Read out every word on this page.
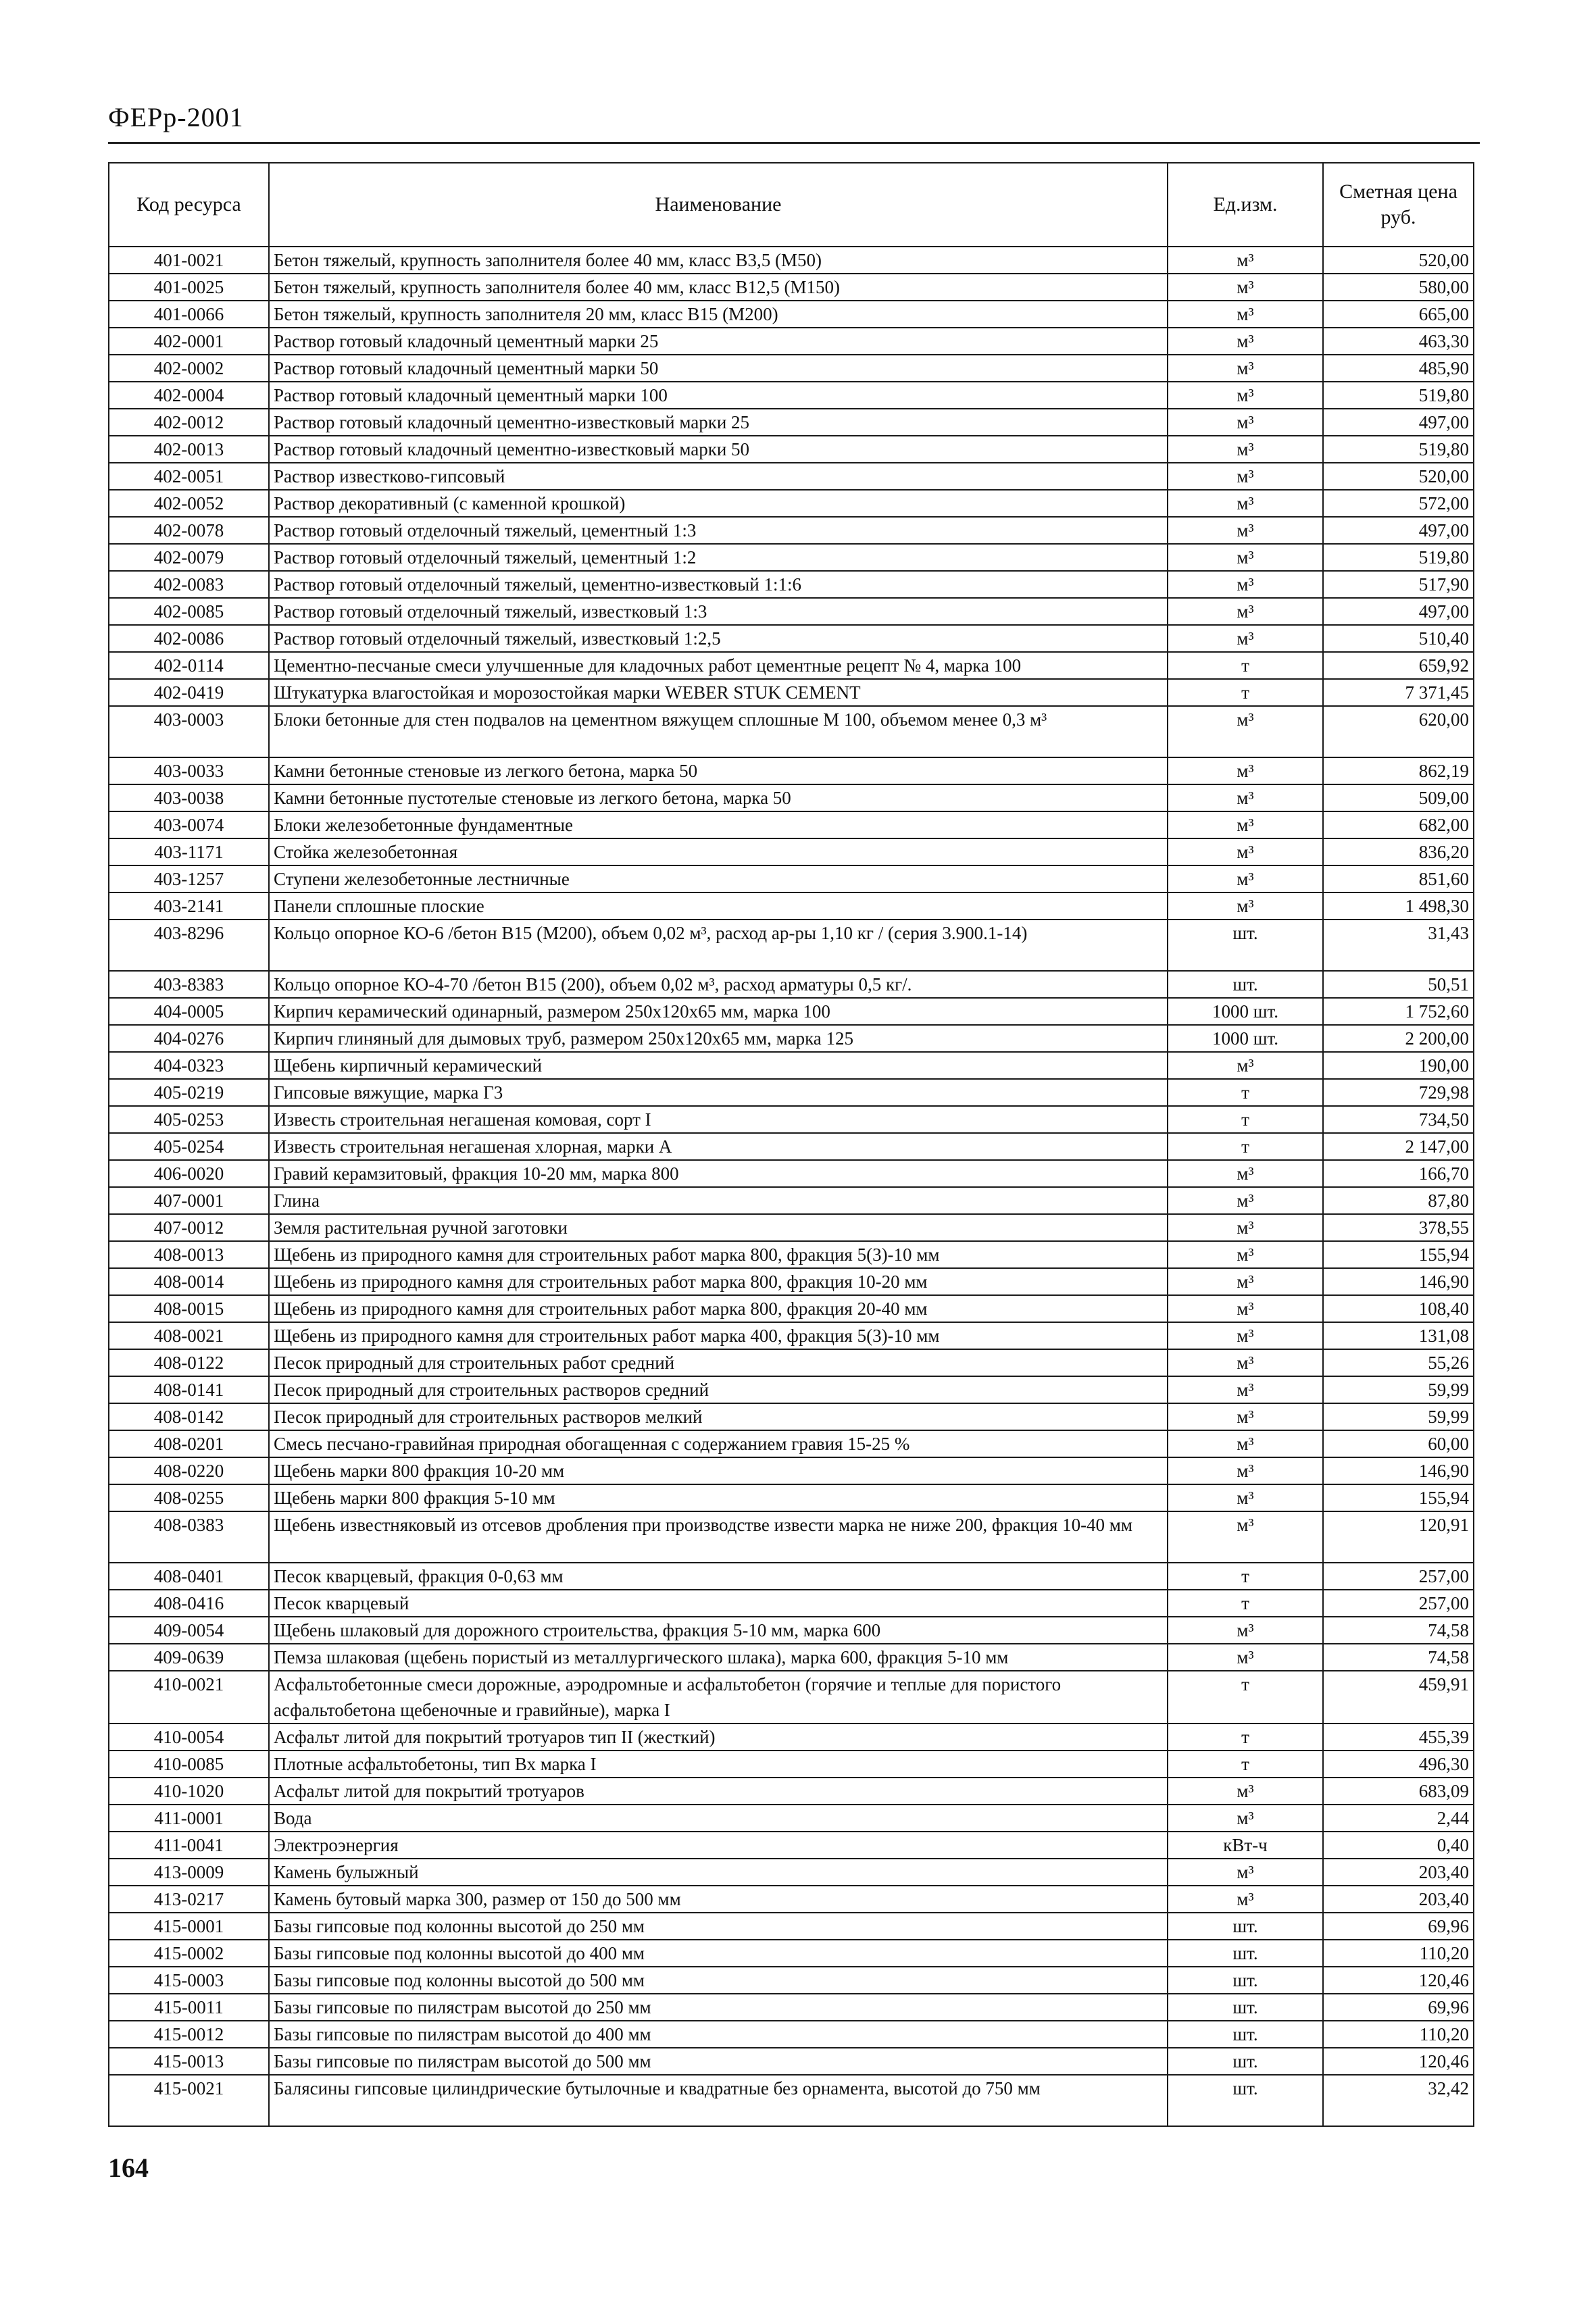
ФЕРр-2001
Код ресурса	Наименование	Ед.изм.	Сметная цена руб.
401-0021	Бетон тяжелый, крупность заполнителя более 40 мм, класс В3,5 (М50)	м³	520,00
401-0025	Бетон тяжелый, крупность заполнителя более 40 мм, класс В12,5 (М150)	м³	580,00
401-0066	Бетон тяжелый, крупность заполнителя 20 мм, класс В15 (М200)	м³	665,00
402-0001	Раствор готовый кладочный цементный марки 25	м³	463,30
402-0002	Раствор готовый кладочный цементный марки 50	м³	485,90
402-0004	Раствор готовый кладочный цементный марки 100	м³	519,80
402-0012	Раствор готовый кладочный цементно-известковый марки 25	м³	497,00
402-0013	Раствор готовый кладочный цементно-известковый марки 50	м³	519,80
402-0051	Раствор известково-гипсовый	м³	520,00
402-0052	Раствор декоративный (с каменной крошкой)	м³	572,00
402-0078	Раствор готовый отделочный тяжелый, цементный 1:3	м³	497,00
402-0079	Раствор готовый отделочный тяжелый, цементный 1:2	м³	519,80
402-0083	Раствор готовый отделочный тяжелый, цементно-известковый 1:1:6	м³	517,90
402-0085	Раствор готовый отделочный тяжелый, известковый 1:3	м³	497,00
402-0086	Раствор готовый отделочный тяжелый, известковый 1:2,5	м³	510,40
402-0114	Цементно-песчаные смеси улучшенные для кладочных работ цементные рецепт № 4, марка 100	т	659,92
402-0419	Штукатурка влагостойкая и морозостойкая марки WEBER STUK CEMENT	т	7 371,45
403-0003	Блоки бетонные для стен подвалов на цементном вяжущем сплошные М 100, объемом менее 0,3 м³	м³	620,00
403-0033	Камни бетонные стеновые из легкого бетона, марка 50	м³	862,19
403-0038	Камни бетонные пустотелые стеновые из легкого бетона, марка 50	м³	509,00
403-0074	Блоки железобетонные фундаментные	м³	682,00
403-1171	Стойка железобетонная	м³	836,20
403-1257	Ступени железобетонные лестничные	м³	851,60
403-2141	Панели сплошные плоские	м³	1 498,30
403-8296	Кольцо опорное КО-6 /бетон В15 (М200), объем 0,02 м³, расход ар-ры 1,10 кг / (серия 3.900.1-14)	шт.	31,43
403-8383	Кольцо опорное КО-4-70 /бетон В15 (200), объем 0,02 м³, расход арматуры 0,5 кг/.	шт.	50,51
404-0005	Кирпич керамический одинарный, размером 250х120х65 мм, марка 100	1000 шт.	1 752,60
404-0276	Кирпич глиняный для дымовых труб, размером 250х120х65 мм, марка 125	1000 шт.	2 200,00
404-0323	Щебень кирпичный керамический	м³	190,00
405-0219	Гипсовые вяжущие, марка Г3	т	729,98
405-0253	Известь строительная негашеная комовая, сорт I	т	734,50
405-0254	Известь строительная негашеная хлорная, марки А	т	2 147,00
406-0020	Гравий керамзитовый, фракция 10-20 мм, марка 800	м³	166,70
407-0001	Глина	м³	87,80
407-0012	Земля растительная ручной заготовки	м³	378,55
408-0013	Щебень из природного камня для строительных работ марка 800, фракция 5(3)-10 мм	м³	155,94
408-0014	Щебень из природного камня для строительных работ марка 800, фракция 10-20 мм	м³	146,90
408-0015	Щебень из природного камня для строительных работ марка 800, фракция 20-40 мм	м³	108,40
408-0021	Щебень из природного камня для строительных работ марка 400, фракция 5(3)-10 мм	м³	131,08
408-0122	Песок природный для строительных работ средний	м³	55,26
408-0141	Песок природный для строительных растворов средний	м³	59,99
408-0142	Песок природный для строительных растворов мелкий	м³	59,99
408-0201	Смесь песчано-гравийная природная обогащенная с содержанием гравия 15-25 %	м³	60,00
408-0220	Щебень марки 800 фракция 10-20 мм	м³	146,90
408-0255	Щебень марки 800 фракция 5-10 мм	м³	155,94
408-0383	Щебень известняковый из отсевов дробления при производстве извести марка не ниже 200, фракция 10-40 мм	м³	120,91
408-0401	Песок кварцевый, фракция 0-0,63 мм	т	257,00
408-0416	Песок кварцевый	т	257,00
409-0054	Щебень шлаковый для дорожного строительства, фракция 5-10 мм, марка 600	м³	74,58
409-0639	Пемза шлаковая (щебень пористый из металлургического шлака), марка 600, фракция 5-10 мм	м³	74,58
410-0021	Асфальтобетонные смеси дорожные, аэродромные и асфальтобетон (горячие и теплые для пористого асфальтобетона щебеночные и гравийные), марка I	т	459,91
410-0054	Асфальт литой для покрытий тротуаров тип II (жесткий)	т	455,39
410-0085	Плотные асфальтобетоны, тип Вх марка I	т	496,30
410-1020	Асфальт литой для покрытий тротуаров	м³	683,09
411-0001	Вода	м³	2,44
411-0041	Электроэнергия	кВт-ч	0,40
413-0009	Камень булыжный	м³	203,40
413-0217	Камень бутовый марка 300, размер от 150 до 500 мм	м³	203,40
415-0001	Базы гипсовые под колонны высотой до 250 мм	шт.	69,96
415-0002	Базы гипсовые под колонны высотой до 400 мм	шт.	110,20
415-0003	Базы гипсовые под колонны высотой до 500 мм	шт.	120,46
415-0011	Базы гипсовые по пилястрам высотой до 250 мм	шт.	69,96
415-0012	Базы гипсовые по пилястрам высотой до 400 мм	шт.	110,20
415-0013	Базы гипсовые по пилястрам высотой до 500 мм	шт.	120,46
415-0021	Балясины гипсовые цилиндрические бутылочные и квадратные без орнамента, высотой до 750 мм	шт.	32,42
164
